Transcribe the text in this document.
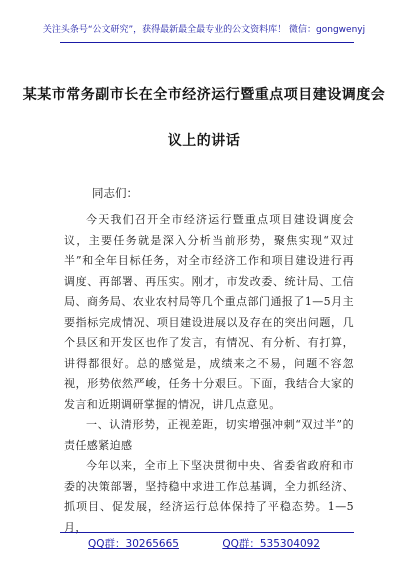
关注头条号“公文研究”，获得最新最全最专业的公文资料库！ 微信：gongwenyj
某某市常务副市长在全市经济运行暨重点项目建设调度会
议上的讲话
同志们：

今天我们召开全市经济运行暨重点项目建设调度会议，主要任务就是深入分析当前形势，聚焦实现“双过半”和全年目标任务，对全市经济工作和项目建设进行再调度、再部署、再压实。刚才，市发改委、统计局、工信局、商务局、农业农村局等几个重点部门通报了1—5月主要指标完成情况、项目建设进展以及存在的突出问题，几个县区和开发区也作了发言，有情况、有分析、有打算，讲得都很好。总的感觉是，成绩来之不易，问题不容忽视，形势依然严峻，任务十分艰巨。下面，我结合大家的发言和近期调研掌握的情况，讲几点意见。

一、认清形势，正视差距，切实增强冲刺“双过半”的责任感紧迫感

今年以来，全市上下坚决贯彻中央、省委省政府和市委的决策部署，坚持稳中求进工作总基调，全力抓经济、抓项目、促发展，经济运行总体保持了平稳态势。1—5月，

QQ群：30265665	QQ群：535304092
